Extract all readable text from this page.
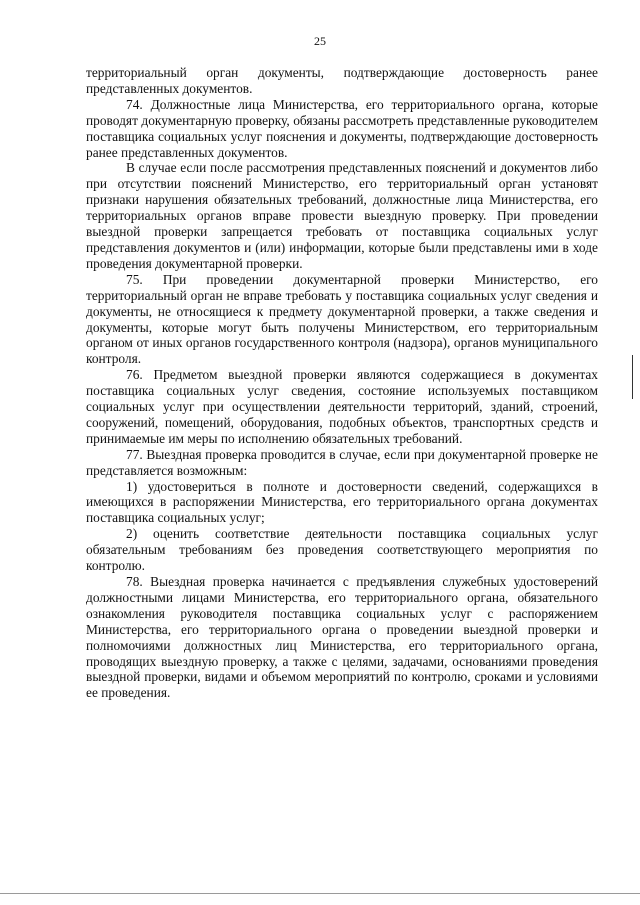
25

территориальный орган документы, подтверждающие достоверность ранее представленных документов.

74. Должностные лица Министерства, его территориального органа, которые проводят документарную проверку, обязаны рассмотреть представленные руководителем поставщика социальных услуг пояснения и документы, подтверждающие достоверность ранее представленных документов.

В случае если после рассмотрения представленных пояснений и документов либо при отсутствии пояснений Министерство, его территориальный орган установят признаки нарушения обязательных требований, должностные лица Министерства, его территориальных органов вправе провести выездную проверку. При проведении выездной проверки запрещается требовать от поставщика социальных услуг представления документов и (или) информации, которые были представлены ими в ходе проведения документарной проверки.

75. При проведении документарной проверки Министерство, его территориальный орган не вправе требовать у поставщика социальных услуг сведения и документы, не относящиеся к предмету документарной проверки, а также сведения и документы, которые могут быть получены Министерством, его территориальным органом от иных органов государственного контроля (надзора), органов муниципального контроля.

76. Предметом выездной проверки являются содержащиеся в документах поставщика социальных услуг сведения, состояние используемых поставщиком социальных услуг при осуществлении деятельности территорий, зданий, строений, сооружений, помещений, оборудования, подобных объектов, транспортных средств и принимаемые им меры по исполнению обязательных требований.

77. Выездная проверка проводится в случае, если при документарной проверке не представляется возможным:

1) удостовериться в полноте и достоверности сведений, содержащихся в имеющихся в распоряжении Министерства, его территориального органа документах поставщика социальных услуг;

2) оценить соответствие деятельности поставщика социальных услуг обязательным требованиям без проведения соответствующего мероприятия по контролю.

78. Выездная проверка начинается с предъявления служебных удостоверений должностными лицами Министерства, его территориального органа, обязательного ознакомления руководителя поставщика социальных услуг с распоряжением Министерства, его территориального органа о проведении выездной проверки и полномочиями должностных лиц Министерства, его территориального органа, проводящих выездную проверку, а также с целями, задачами, основаниями проведения выездной проверки, видами и объемом мероприятий по контролю, сроками и условиями ее проведения.
